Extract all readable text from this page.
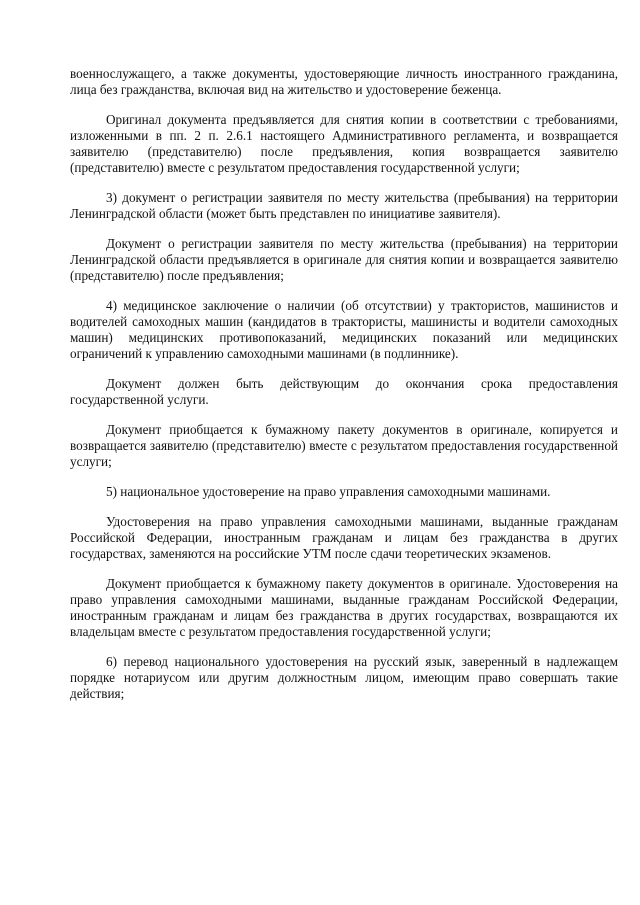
военнослужащего, а также документы, удостоверяющие личность иностранного гражданина, лица без гражданства, включая вид на жительство и удостоверение беженца.

Оригинал документа предъявляется для снятия копии в соответствии с требованиями, изложенными в пп. 2 п. 2.6.1 настоящего Административного регламента, и возвращается заявителю (представителю) после предъявления, копия возвращается заявителю (представителю) вместе с результатом предоставления государственной услуги;

3) документ о регистрации заявителя по месту жительства (пребывания) на территории Ленинградской области (может быть представлен по инициативе заявителя).

Документ о регистрации заявителя по месту жительства (пребывания) на территории Ленинградской области предъявляется в оригинале для снятия копии и возвращается заявителю (представителю) после предъявления;

4) медицинское заключение о наличии (об отсутствии) у трактористов, машинистов и водителей самоходных машин (кандидатов в трактористы, машинисты и водители самоходных машин) медицинских противопоказаний, медицинских показаний или медицинских ограничений к управлению самоходными машинами (в подлиннике).

Документ должен быть действующим до окончания срока предоставления государственной услуги.

Документ приобщается к бумажному пакету документов в оригинале, копируется и возвращается заявителю (представителю) вместе с результатом предоставления государственной услуги;

5) национальное удостоверение на право управления самоходными машинами.

Удостоверения на право управления самоходными машинами, выданные гражданам Российской Федерации, иностранным гражданам и лицам без гражданства в других государствах, заменяются на российские УТМ после сдачи теоретических экзаменов.

Документ приобщается к бумажному пакету документов в оригинале. Удостоверения на право управления самоходными машинами, выданные гражданам Российской Федерации, иностранным гражданам и лицам без гражданства в других государствах, возвращаются их владельцам вместе с результатом предоставления государственной услуги;

6) перевод национального удостоверения на русский язык, заверенный в надлежащем порядке нотариусом или другим должностным лицом, имеющим право совершать такие действия;
